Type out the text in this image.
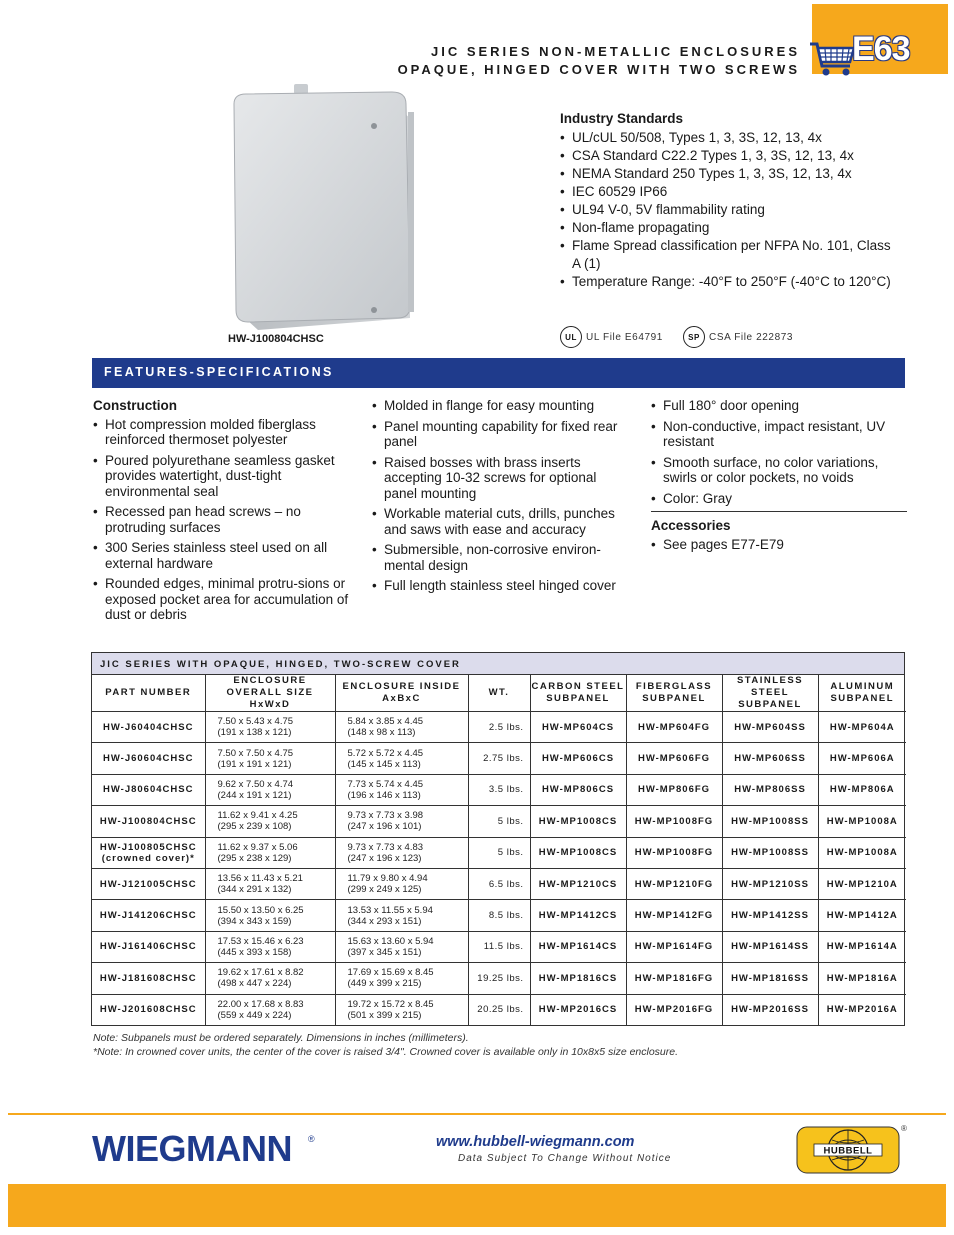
JIC SERIES NON-METALLIC ENCLOSURES
OPAQUE, HINGED COVER WITH TWO SCREWS
E63
HW-J100804CHSC
Industry Standards
• UL/cUL 50/508, Types 1, 3, 3S, 12, 13, 4x
• CSA Standard C22.2 Types 1, 3, 3S, 12, 13, 4x
• NEMA Standard 250 Types 1, 3, 3S, 12, 13, 4x
• IEC 60529 IP66
• UL94 V-0, 5V flammability rating
• Non-flame propagating
• Flame Spread classification per NFPA No. 101, Class A (1)
• Temperature Range: -40°F to 250°F (-40°C to 120°C)
UL UL File E64791	SP CSA File 222873
FEATURES-SPECIFICATIONS
Construction
• Hot compression molded fiberglass reinforced thermoset polyester
• Poured polyurethane seamless gasket provides watertight, dust-tight environmental seal
• Recessed pan head screws – no protruding surfaces
• 300 Series stainless steel used on all external hardware
• Rounded edges, minimal protru-sions or exposed pocket area for accumulation of dust or debris
• Molded in flange for easy mounting
• Panel mounting capability for fixed rear panel
• Raised bosses with brass inserts accepting 10-32 screws for optional panel mounting
• Workable material cuts, drills, punches and saws with ease and accuracy
• Submersible, non-corrosive environ-mental design
• Full length stainless steel hinged cover
• Full 180° door opening
• Non-conductive, impact resistant, UV resistant
• Smooth surface, no color variations, swirls or color pockets, no voids
• Color: Gray
Accessories
• See pages E77-E79
JIC SERIES WITH OPAQUE, HINGED, TWO-SCREW COVER
PART NUMBER	ENCLOSURE OVERALL SIZE HxWxD	ENCLOSURE INSIDE AxBxC	WT.	CARBON STEEL SUBPANEL	FIBERGLASS SUBPANEL	STAINLESS STEEL SUBPANEL	ALUMINUM SUBPANEL
HW-J60404CHSC	7.50 x 5.43 x 4.75
(191 x 138 x 121)	5.84 x 3.85 x 4.45
(148 x 98 x 113)	2.5 lbs.	HW-MP604CS	HW-MP604FG	HW-MP604SS	HW-MP604A
HW-J60604CHSC	7.50 x 7.50 x 4.75
(191 x 191 x 121)	5.72 x 5.72 x 4.45
(145 x 145 x 113)	2.75 lbs.	HW-MP606CS	HW-MP606FG	HW-MP606SS	HW-MP606A
HW-J80604CHSC	9.62 x 7.50 x 4.74
(244 x 191 x 121)	7.73 x 5.74 x 4.45
(196 x 146 x 113)	3.5 lbs.	HW-MP806CS	HW-MP806FG	HW-MP806SS	HW-MP806A
HW-J100804CHSC	11.62 x 9.41 x 4.25
(295 x 239 x 108)	9.73 x 7.73 x 3.98
(247 x 196 x 101)	5 lbs.	HW-MP1008CS	HW-MP1008FG	HW-MP1008SS	HW-MP1008A
HW-J100805CHSC
(crowned cover)*	11.62 x 9.37 x 5.06
(295 x 238 x 129)	9.73 x 7.73 x 4.83
(247 x 196 x 123)	5 lbs.	HW-MP1008CS	HW-MP1008FG	HW-MP1008SS	HW-MP1008A
HW-J121005CHSC	13.56 x 11.43 x 5.21
(344 x 291 x 132)	11.79 x 9.80 x 4.94
(299 x 249 x 125)	6.5 lbs.	HW-MP1210CS	HW-MP1210FG	HW-MP1210SS	HW-MP1210A
HW-J141206CHSC	15.50 x 13.50 x 6.25
(394 x 343 x 159)	13.53 x 11.55 x 5.94
(344 x 293 x 151)	8.5 lbs.	HW-MP1412CS	HW-MP1412FG	HW-MP1412SS	HW-MP1412A
HW-J161406CHSC	17.53 x 15.46 x 6.23
(445 x 393 x 158)	15.63 x 13.60 x 5.94
(397 x 345 x 151)	11.5 lbs.	HW-MP1614CS	HW-MP1614FG	HW-MP1614SS	HW-MP1614A
HW-J181608CHSC	19.62 x 17.61 x 8.82
(498 x 447 x 224)	17.69 x 15.69 x 8.45
(449 x 399 x 215)	19.25 lbs.	HW-MP1816CS	HW-MP1816FG	HW-MP1816SS	HW-MP1816A
HW-J201608CHSC	22.00 x 17.68 x 8.83
(559 x 449 x 224)	19.72 x 15.72 x 8.45
(501 x 399 x 215)	20.25 lbs.	HW-MP2016CS	HW-MP2016FG	HW-MP2016SS	HW-MP2016A
Note: Subpanels must be ordered separately. Dimensions in inches (millimeters).
*Note: In crowned cover units, the center of the cover is raised 3/4". Crowned cover is available only in 10x8x5 size enclosure.
WIEGMANN ®	www.hubbell-wiegmann.com
Data Subject To Change Without Notice
HUBBELL
®
